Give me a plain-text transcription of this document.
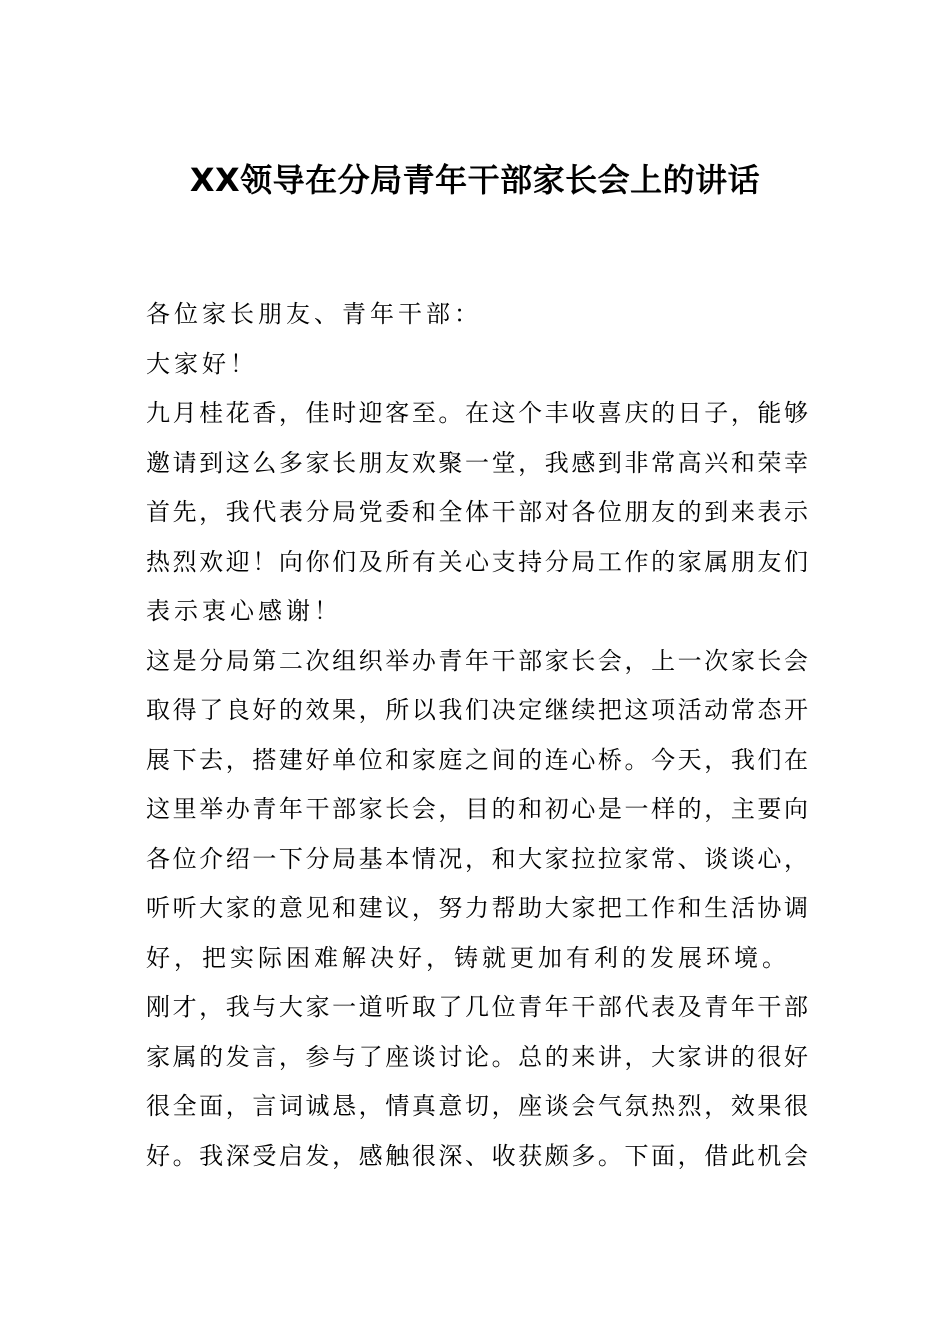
XX领导在分局青年干部家长会上的讲话
各位家长朋友、青年干部：
大家好！
九月桂花香，佳时迎客至。在这个丰收喜庆的日子，能够
邀请到这么多家长朋友欢聚一堂，我感到非常高兴和荣幸
首先，我代表分局党委和全体干部对各位朋友的到来表示
热烈欢迎！向你们及所有关心支持分局工作的家属朋友们
表示衷心感谢！
这是分局第二次组织举办青年干部家长会，上一次家长会
取得了良好的效果，所以我们决定继续把这项活动常态开
展下去，搭建好单位和家庭之间的连心桥。今天，我们在
这里举办青年干部家长会，目的和初心是一样的，主要向
各位介绍一下分局基本情况，和大家拉拉家常、谈谈心，
听听大家的意见和建议，努力帮助大家把工作和生活协调
好，把实际困难解决好，铸就更加有利的发展环境。
刚才，我与大家一道听取了几位青年干部代表及青年干部
家属的发言，参与了座谈讨论。总的来讲，大家讲的很好
很全面，言词诚恳，情真意切，座谈会气氛热烈，效果很
好。我深受启发，感触很深、收获颇多。下面，借此机会
